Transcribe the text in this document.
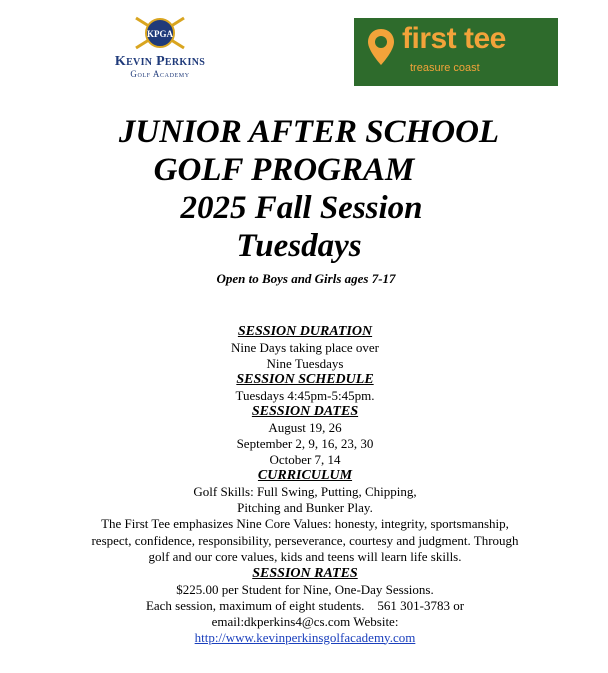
KPGA
Kevin Perkins
Golf Academy
first tee
treasure coast
JUNIOR AFTER SCHOOL
GOLF PROGRAM
2025 Fall Session
Tuesdays
Open to Boys and Girls ages 7-17
SESSION DURATION
Nine Days taking place over
Nine Tuesdays
SESSION SCHEDULE
Tuesdays 4:45pm-5:45pm.
SESSION DATES
August 19, 26
September 2, 9, 16, 23, 30
October 7, 14
CURRICULUM
Golf Skills: Full Swing, Putting, Chipping,
Pitching and Bunker Play.
The First Tee emphasizes Nine Core Values: honesty, integrity, sportsmanship, respect, confidence, responsibility, perseverance, courtesy and judgment. Through golf and our core values, kids and teens will learn life skills.
SESSION RATES
$225.00 per Student for Nine, One-Day Sessions.
Each session, maximum of eight students.    561 301-3783 or
email:dkperkins4@cs.com Website:
http://www.kevinperkinsgolfacademy.com
